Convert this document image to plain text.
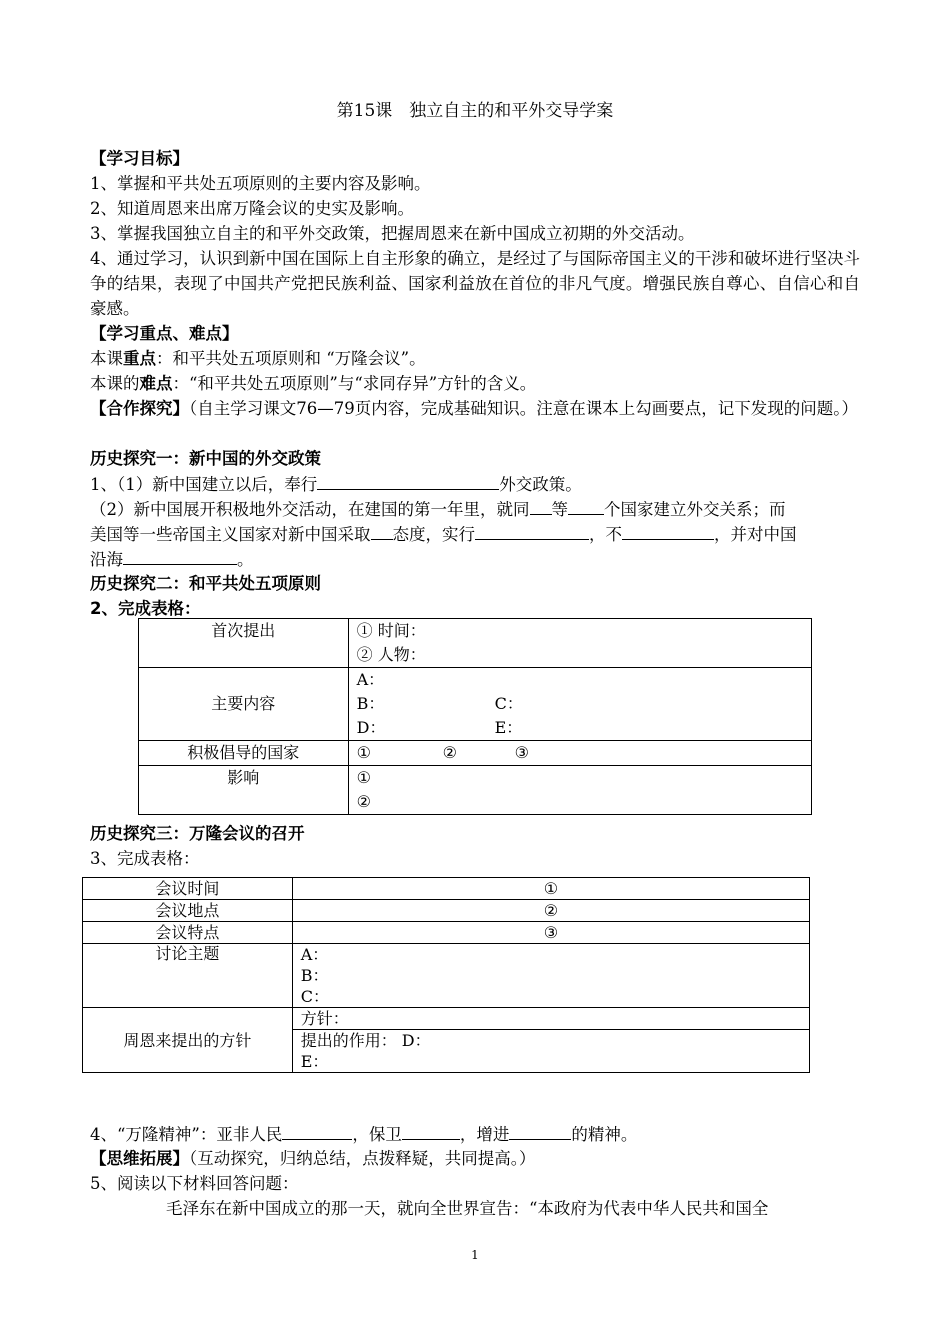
第15课　独立自主的和平外交导学案
【学习目标】
1、掌握和平共处五项原则的主要内容及影响。
2、知道周恩来出席万隆会议的史实及影响。
3、掌握我国独立自主的和平外交政策，把握周恩来在新中国成立初期的外交活动。
4、通过学习，认识到新中国在国际上自主形象的确立，是经过了与国际帝国主义的干涉和破坏进行坚决斗争的结果，表现了中国共产党把民族利益、国家利益放在首位的非凡气度。增强民族自尊心、自信心和自豪感。
【学习重点、难点】
本课重点：和平共处五项原则和 “万隆会议”。
本课的难点：“和平共处五项原则”与“求同存异”方针的含义。
【合作探究】（自主学习课文76—79页内容，完成基础知识。注意在课本上勾画要点，记下发现的问题。）
历史探究一：新中国的外交政策
1、（1）新中国建立以后，奉行	外交政策。
（2）新中国展开积极地外交活动，在建国的第一年里，就同 等 个国家建立外交关系；而
美国等一些帝国主义国家对新中国采取 态度，实行	，不	，并对中国
沿海	。
历史探究二：和平共处五项原则
2、完成表格：
首次提出	① 时间：
② 人物：

主要内容	A：
B： C：
D： E：

积极倡导的国家	① ② ③
影响	①
②
历史探究三：万隆会议的召开
3、完成表格：
会议时间	①
会议地点	②
会议特点	③
讨论主题	A：
B：
C：

周恩来提出的方针	方针：

	提出的作用： D：
E：
4、“万隆精神”：亚非人民	，保卫	，增进	的精神。
【思维拓展】（互动探究，归纳总结，点拨释疑，共同提高。）
5、阅读以下材料回答问题：
毛泽东在新中国成立的那一天，就向全世界宣告：“本政府为代表中华人民共和国全
1
